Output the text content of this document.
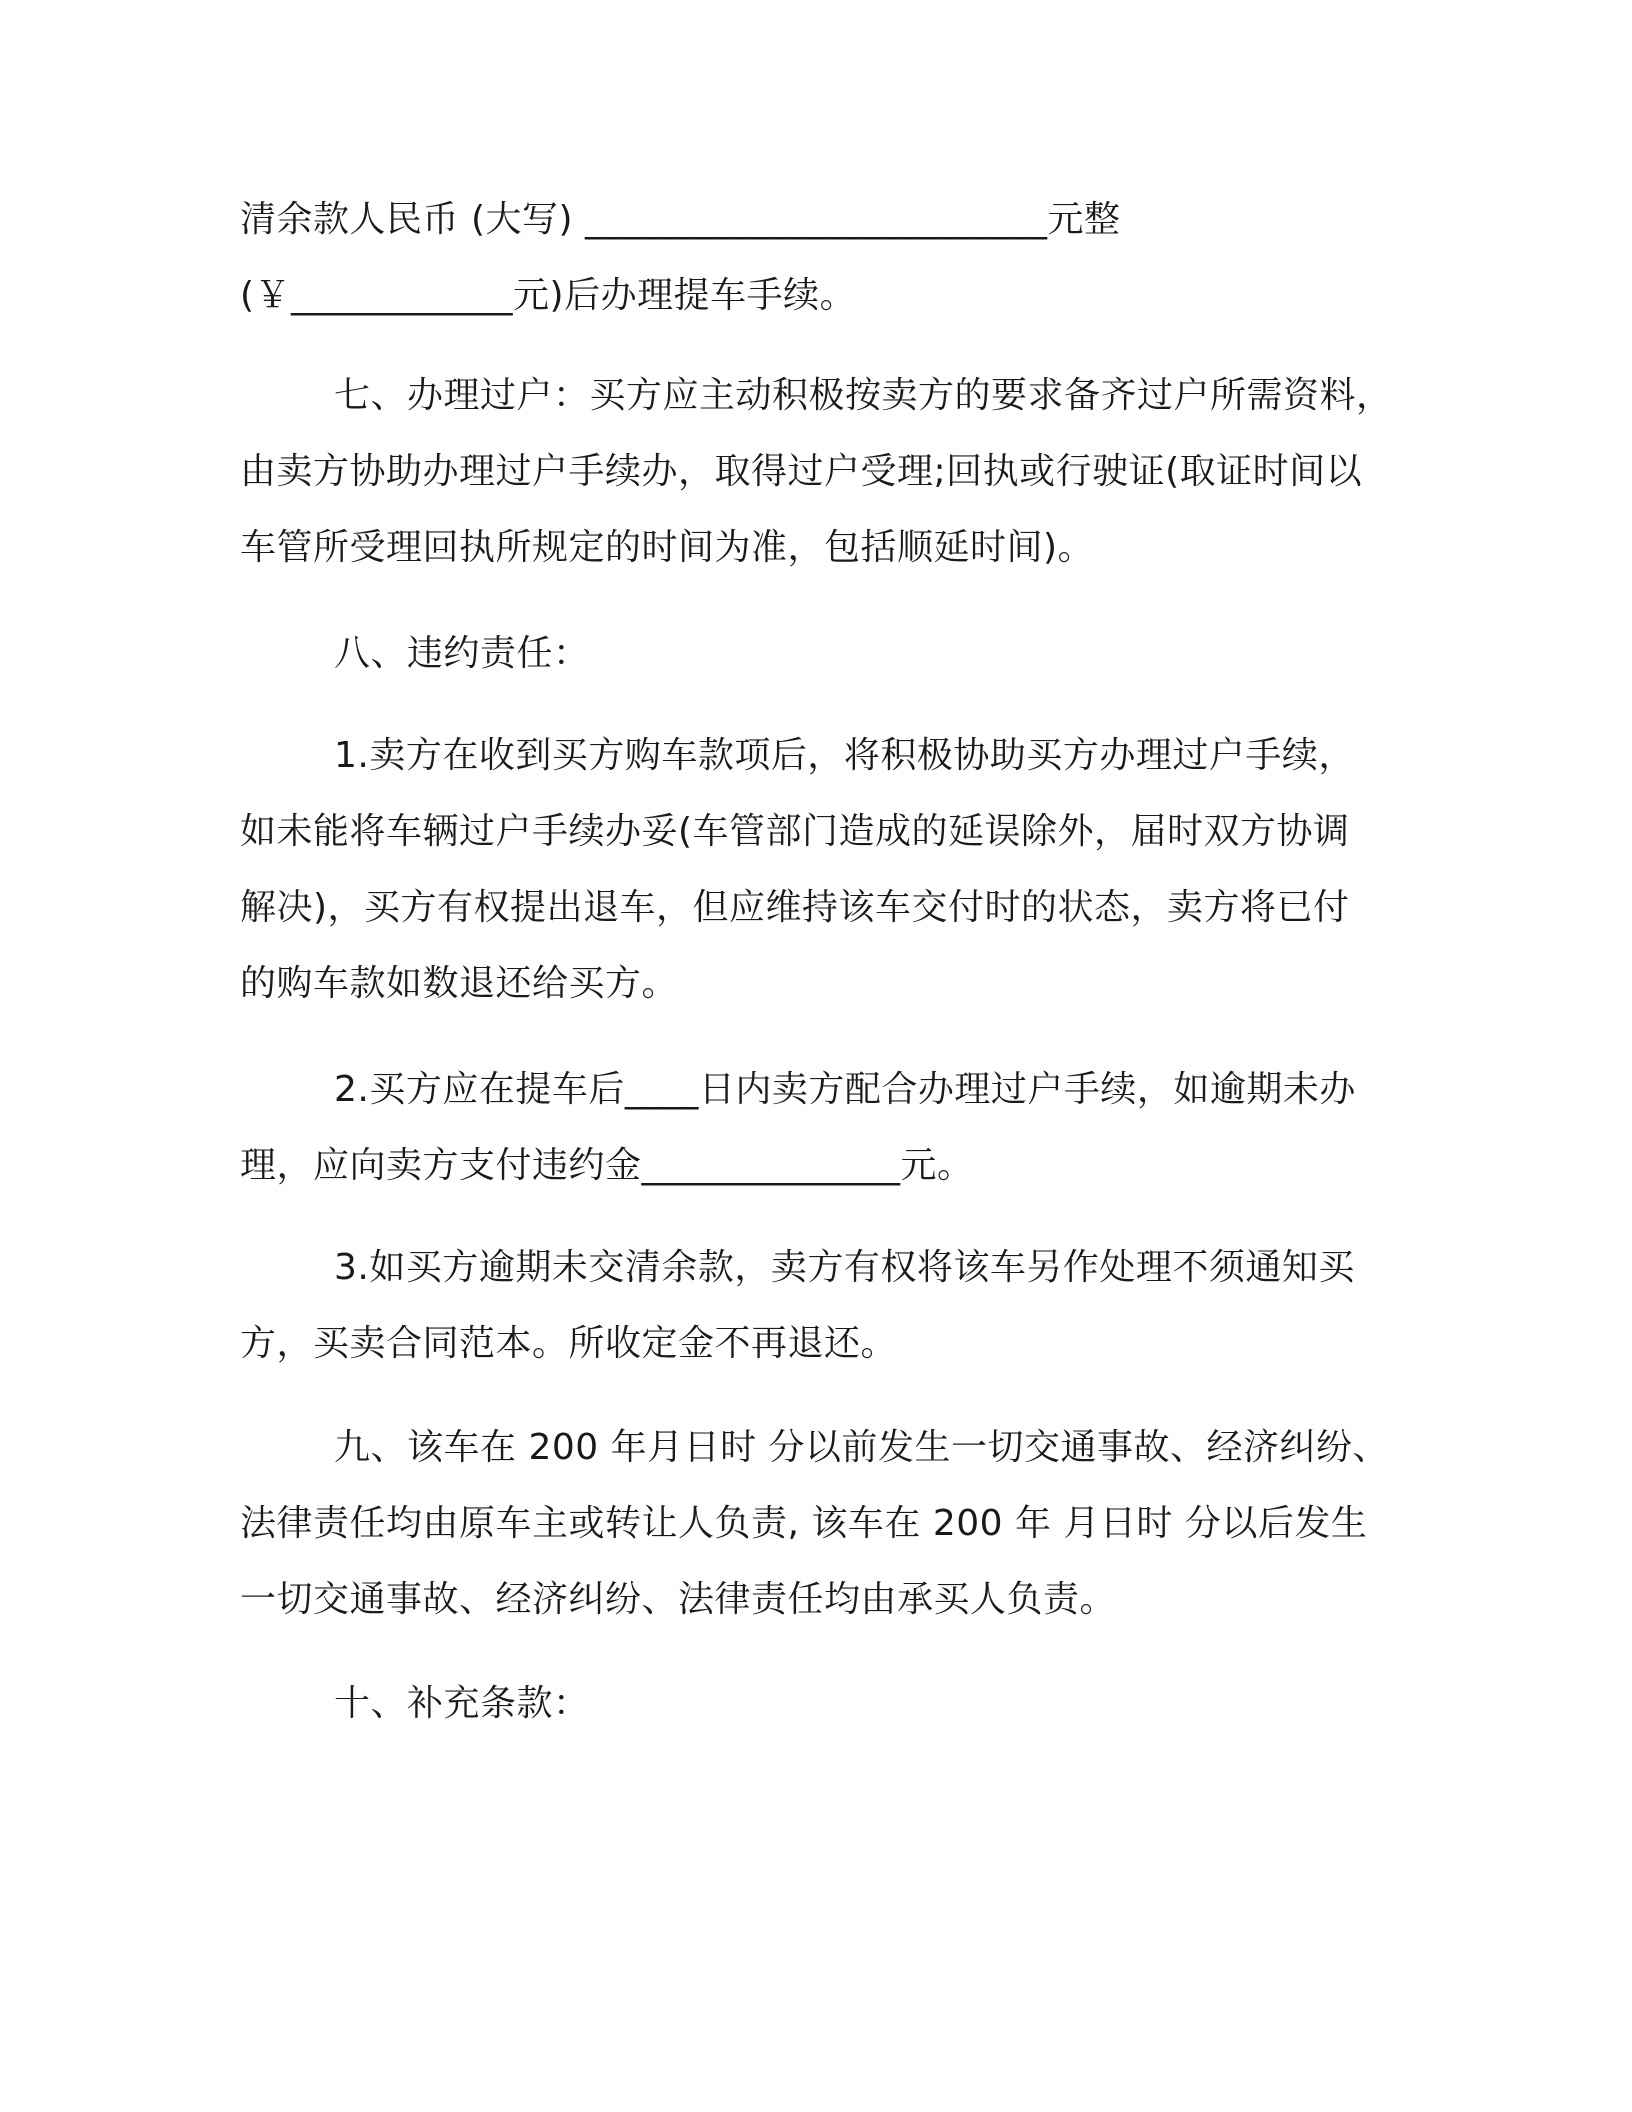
清余款人民币 (大写) _________________________元整
(￥____________元)后办理提车手续。
七、办理过户：买方应主动积极按卖方的要求备齐过户所需资料，
由卖方协助办理过户手续办，取得过户受理;回执或行驶证(取证时间以
车管所受理回执所规定的时间为准，包括顺延时间)。
八、违约责任：
1.卖方在收到买方购车款项后，将积极协助买方办理过户手续，
如未能将车辆过户手续办妥(车管部门造成的延误除外，届时双方协调
解决)，买方有权提出退车，但应维持该车交付时的状态，卖方将已付
的购车款如数退还给买方。
2.买方应在提车后____日内卖方配合办理过户手续，如逾期未办
理，应向卖方支付违约金______________元。
3.如买方逾期未交清余款，卖方有权将该车另作处理不须通知买
方，买卖合同范本。所收定金不再退还。
九、该车在 200 年月日时 分以前发生一切交通事故、经济纠纷、
法律责任均由原车主或转让人负责, 该车在 200 年 月日时 分以后发生
一切交通事故、经济纠纷、法律责任均由承买人负责。
十、补充条款：
